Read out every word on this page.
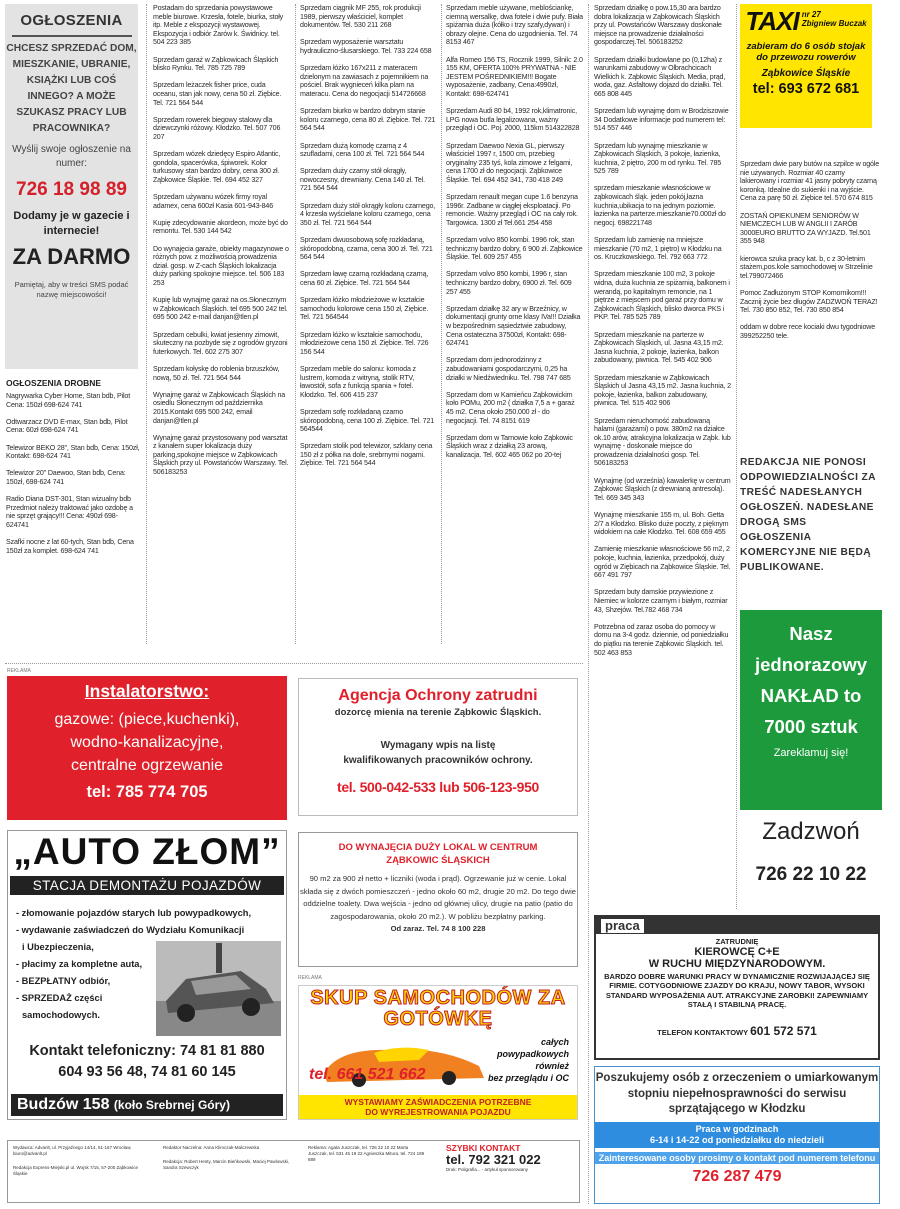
OGŁOSZENIA
CHCESZ SPRZEDAĆ DOM, MIESZKANIE, UBRANIE, KSIĄŻKI LUB COŚ INNEGO? A MOŻE SZUKASZ PRACY LUB PRACOWNIKA?
Wyślij swoje ogłoszenie na numer:
726 18 98 89
Dodamy je w gazecie i internecie!
ZA DARMO
Pamiętaj, aby w treści SMS podać nazwę miejscowości!
OGŁOSZENIA DROBNE

Nagrywarka Cyber Home, Stan bdb, Pilot Cena: 150zł 698-624 741

Odtwarzacz DVD E-max, Stan bdb, Pilot Cena: 60zł 698-624 741

Telewizor BEKO 28", Stan bdb, Cena: 150zł, Kontakt: 698-624 741

Telewizor 20" Daewoo, Stan bdb, Cena: 150zł, 698-624 741

Radio Diana DST-301, Stan wizualny bdb Przedmiot należy traktować jako ozdobę a nie sprzęt grający!!! Cena: 490zł 698-624741

Szafki nocne z lat 60-tych, Stan bdb, Cena 150zł za komplet. 698-624 741

Postadam do sprzedania powystawowe meble biurowe. Krzesła, fotele, biurka, stoły itp. Meble z ekspozycji wystawowej. Ekspozycja i odbiór Żarów k. Świdnicy. tel. 504 223 385

Sprzedam garaż w Ząbkowicach Śląskich blisko Rynku. Tel. 785 725 789

Sprzedam leżaczek fisher price, cuda oceanu, stan jak nowy, cena 50 zł. Ziębice. Tel. 721 564 544

Sprzedam rowerek biegowy stalowy dla dziewczynki różowy. Kłodzko. Tel. 507 706 207

Sprzedam wózek dziedęcy Espiro Atlantic, gondola, spacerówka, śpiworek. Kolor turkusowy stan bardzo dobry, cena 300 zł. Ząbkowice Śląskie. Tel. 694 452 327

Sprzedam używanu wózek firmy royal adamex, cena 600zł Kasia 601-943-846

Kupię zdecydowanie akordeon, może być do remontu. Tel. 530 144 542

Do wynajęcia garaże, obiekty magazynowe o różnych pow. z możliwością prowadzenia dział. gosp. w Z-cach Śląskich lokalizacja duży parking spokojne miejsce. tel. 506 183 253

Kupię lub wynajmę garaż na os.Słonecznym w Ząbkowicach Śląskich. tel 695 500 242 tel. 695 500 242 e-mail danjan@tlen.pl

Sprzedam cebulki, kwiat jesienny zimowit, skuteczny na pozbyde się z ogrodów gryzoni futerkowych. Tel. 602 275 307

Sprzedam kołyskę do roblenia brzuszków, nową, 50 zł. Tel. 721 564 544

Wynajmę garaż w Ząbkowicach Śląskich na osiedlu Słonecznym od października 2015.Kontakt 695 500 242, email danjan@tlen.pl

Wynajmę garaż przystosowany pod warsztat z kanałem super lokalizacja duży parking,spokojne miejsce w Ząbkowicach Śląskich przy ul. Powstańców Warszawy. Tel. 506183253

Sprzedam ciągnik MF 255, rok produkcji 1989, pierwszy właściciel, komplet dokumentów. Tel. 530 211 268

Sprzedam wyposażenie warsztatu hydrauliczno-ślusarskiego. Tel. 733 224 658

Sprzedam łóżko 167x211 z materacem dzielonym na zawiasach z pojemnikiem na pościel. Brak wygnieceń kilka plam na materacu. Cena do negocjacji 514726668

Sprzedam biurko w bardzo dobrym stanie koloru czarnego, cena 80 zł. Ziębice. Tel. 721 564 544

Sprzedam dużą komodę czarną z 4 szufladami, cena 100 zł. Tel. 721 564 544

Sprzedam duży czarny stół okrągły, nowoczesny, drewniany. Cena 140 zł. Tel. 721 564 544

Sprzedam duży stół okrągły koloru czarnego, 4 krzesła wyściełane koloru czarnego, cena 350 zł. Tel. 721 564 544

Sprzedam dwuosobową sofę rozkładaną, skóropodobną, czarna, cena 300 zł. Tel. 721 564 544

Sprzedam ławę czarną rozkładaną czarną, cena 60 zł. Ziębice. Tel. 721 564 544

Sprzedam łóżko młodzieżowe w kształcie samochodu kolorowe cena 150 zł, Ziębice. Tel. 721 564544

Sprzedam łóżko w kształcie samochodu, młodzieżowe cena 150 zł. Ziębice. Tel. 726 156 544

Sprzedam meble do salonu: komoda z lustrem, komoda z witryną, stolik RTV, ławostół, sofa z funkcją spania + fotel. Kłodzko. Tel. 606 415 237

Sprzedam sofę rozkładaną czarno skóropodobną, cena 100 zł. Ziębice. Tel. 721 564544

Sprzedam stolik pod telewizor, szklany cena 150 zł z półka na dole, srebrnymi nogami. Ziębice. Tel. 721 564 544

Sprzedam meble używane, meblościankę, ciemną wersalkę, dwa fotele i dwie pufy. Biała spiżarnia duża (kółko i trzy szafy,dywan) i obrazy olejne. Cena do uzgodnienia. Tel. 74 8153 467

Alfa Romeo 156 TS, Rocznik 1999, Silnik: 2.0 155 KM, OFERTA 100% PRYWATNA - NIE JESTEM POŚREDNIKIEM!!! Bogate wyposażenie, zadbany, Cena:4990zł, Kontakt: 698-624741

Sprzedam Audi 80 b4, 1992 rok,klimatronic, LPG nowa butla legalizowana, ważny przegląd i OC. Poj. 2000, 115km 514322828

Sprzedam Daewoo Nexia GL, pierwszy właściciel 1997 r, 1500 cm, przebieg oryginalny 235 tyś, kola zimowe z felgami, cena 1700 zł do negocjacji. Ząbkowice Śląskie. Tel. 694 452 341, 730 418 249

Sprzedam renault megan cupe 1.6 benzyna 1996r. Zadbane w ciągłej eksploatacji. Po remoncie. Ważny przegląd i OC na cały rok. Targowica. 1300 zł Tel.661 254 458

Sprzedam volvo 850 kombi. 1996 rok, stan techniczny bardzo dobry, 6 900 zł. Ząbkowice Śląskie. Tel. 609 257 455

Sprzedam volvo 850 kombi, 1996 r, stan techniczny bardzo dobry, 6900 zł. Tel. 609 257 455

Sprzedam działkę 32 ary w Brzeźnicy, w dokumentacji grunty orne klasy IVa!!! Działka w bezpośrednim sąsiedztwie zabudowy, Cena ostateczna 37500zł, Kontakt: 698-624741

Sprzedam dom jednorodzinny z zabudowaniami gospodarczymi, 0,25 ha działki w Niedźwiedniku. Tel. 798 747 685

Sprzedam dom w Kamieńcu Ząbkowickim koło POMu, 200 m2 ( działka 7,5 a + garaż 45 m2. Cena około 250.000 zł - do negocjacji. Tel. 74 8151 619

Sprzedam dom w Tarnowie koło Ząbkowic Śląskich wraz z działką 23 arową, kanalizacja. Tel. 602 465 062 po 20-tej

Sprzedam działkę o pow.15,30 ara bardzo dobra lokalizacja w Ząbkowicach Śląskich przy ul. Powstańców Warszawy doskonałe miejsce na prowadzenie działalności gospodarczej.Tel. 506183252

Sprzedam działki budowlane po (0,12ha) z warunkami zabudowy w Olbrachcicach Wielkich k. Ząbkowic Śląskich. Media, prąd, woda, gaz. Asfaltowy dojazd do działki. Tel. 665 808 445

Sprzedam lub wynajmę dom w Brodziszowie 34 Dodatkowe informacje pod numerem tel: 514 557 446

Sprzedam lub wynajmę mieszkanie w Ząbkowicach Śląskich, 3 pokoje, łazienka, kuchnia, 2 piętro, 200 m od rynku. Tel. 785 525 789

sprzedam mieszkanie własnościowe w ząbkowicach śląk. jeden pokój,łazna kuchnia,ubikacja to na jednym poziomie. łazienka na parterze.mieszkanie70.000zł do negocj. 698221748

Sprzedam lub zamienię na mniejsze mieszkanie (70 m2, 1 piętro) w Kłodzku na os. Kruczkowskiego. Tel. 792 663 772

Sprzedam mieszkanie 100 m2, 3 pokoje widna, duża kuchnia ze spiżarnią, balkonem i werandą, po kapitalnym remoncie, na 1 piętrze z miejscem pod garaż przy domu w Ząbkowicach Śląskich, blisko dworca PKS i PKP. Tel. 785 525 789

Sprzedam mieszkanie na parterze w Ząbkowicach Śląskich, ul. Jasna 43,15 m2. Jasna kuchnia, 2 pokoje, łazienka, balkon zabudowany, piwnica. Tel. 545 402 906

Sprzedam mieszkanie w Ząbkowicach Śląskich ul Jasna 43,15 m2. Jasna kuchnia, 2 pokoje, łazienka, balkon zabudowany, piwnica. Tel. 515 402 906

Sprzedam nieruchomość zabudowaną halami (garażami) o pow. 380m2 na działce ok.10 arów, atrakcyjna lokalizacja w Ząbk. lub wynajmę - doskonałe miejsce do prowadzenia działalności gosp. Tel. 506183253

Wynajmę (od września) kawalerkę w centrum Ząbkowic Śląskich (z drewnianą antresolą). Tel. 669 345 343

Wynajmę mieszkanie 155 m, ul. Boh. Getta 2/7 a Kłodzko. Blisko duże poczty, z pięknym widokiem na całe Kłodzko. Tel. 608 659 455

Zamienię mieszkanie własnościowe 56 m2, 2 pokoje, kuchnia, łazienka, przedpokój, duży ogród w Ziębicach na Ząbkowice Śląskie. Tel. 667 491 797

Sprzedam buty damskie przywiezione z Niemiec w kolorze czarnym i białym, rozmiar 43, Shzejów. Tel.782 468 734

Potrzebna od zaraz osoba do pomocy w domu na 3-4 godz. dziennie, od poniedziałku do piątku na terenie Ząbkowic Śląskich. tel. 502 463 853

TAXI nr 27
Zbigniew Buczak
zabieram do 6 osób stojak do przewozu rowerów
Ząbkowice Śląskie
tel: 693 672 681

Sprzedam dwie pary butów na szpilce w ogóle nie używanych. Rozmiar 40 czarny lakierowany i rozmiar 41 jasny pobryty czarną koronką. Idealne do sukienki i na wyjście. Cena za parę 50 zł. Ziębice tel. 570 674 815

ZOSTAŃ OPIEKUNEM SENIORÓW W NIEMCZECH LUB W ANGLII I ZARÓB 3000EURO BRUTTO ZA WYJAZD. Tel.501 355 948

kierowca szuka pracy kat. b, c z 30-letnim stażem,pos.kole samochodowej w Strzelinie tel.799072466

Pomoc Zadłużonym STOP Komornikom!!! Zacznij życie bez długów ZADZWOŃ TERAZ! Tel. 730 850 852, Tel. 730 850 854

oddam w dobre rece kociaki dwu tygodniowe 399252250 tele.

REDAKCJA NIE PONOSI ODPOWIEDZIALNOŚCI ZA TREŚĆ NADESŁANYCH OGŁOSZEŃ. NADESŁANE DROGĄ SMS OGŁOSZENIA KOMERCYJNE NIE BĘDĄ PUBLIKOWANE.
Nasz
jednorazowy
NAKŁAD to
7000 sztuk
Zareklamuj się!
Zadzwoń
726 22 10 22
praca
ZATRUDNIĘ
KIEROWCĘ C+E
W RUCHU MIĘDZYNARODOWYM.
BARDZO DOBRE WARUNKI PRACY W DYNAMICZNIE ROZWIJAJĄCEJ SIĘ FIRMIE. COTYGODNIOWE ZJAZDY DO KRAJU, NOWY TABOR, WYSOKI STANDARD WYPOSAŻENIA AUT. ATRAKCYJNE ZAROBKI! ZAPEWNIAMY STAŁĄ I STABILNĄ PRACĘ.
TELEFON KONTAKTOWY 601 572 571
Poszukujemy osób z orzeczeniem o umiarkowanym stopniu niepełnosprawności do serwisu sprzątającego w Kłodzku
Praca w godzinach
6-14 i 14-22 od poniedziałku do niedzieli
Zainteresowane osoby prosimy o kontakt pod numerem telefonu
726 287 479
REKLAMA
REKLAMA
Instalatorstwo:
gazowe: (piece,kuchenki),
wodno-kanalizacyjne,
centralne ogrzewanie
tel: 785 774 705
Agencja Ochrony zatrudni
dozorcę mienia na terenie Ząbkowic Śląskich.
Wymagany wpis na listę
kwalifikowanych pracowników ochrony.
tel. 500-042-533 lub 506-123-950
„AUTO ZŁOM”
STACJA DEMONTAŻU POJAZDÓW
- złomowanie pojazdów starych lub powypadkowych,
- wydawanie zaświadczeń do Wydziału Komunikacji
i Ubezpieczenia,
- płacimy za kompletne auta,
- BEZPŁATNY odbiór,
- SPRZEDAŻ części
samochodowych.
Kontakt telefoniczny: 74 81 81 880
604 93 56 48, 74 81 60 145
Budzów 158 (koło Srebrnej Góry)
DO WYNAJĘCIA DUŻY LOKAL W CENTRUM
ZĄBKOWIC ŚLĄSKICH
90 m2 za 900 zł netto + liczniki (woda i prąd). Ogrzewanie już w cenie. Lokal składa się z dwóch pomieszczeń - jedno około 60 m2, drugie 20 m2. Do tego dwie oddzielne toalety. Dwa wejścia - jedno od głównej ulicy, drugie na patio (patio do zagospodarowania, około 20 m2.). W pobliżu bezpłatny parking.
Od zaraz. Tel. 74 8 100 228
SKUP SAMOCHODÓW ZA GOTÓWKĘ
tel. 661 521 662
całych
powypadkowych
również
bez przeglądu i OC
WYSTAWIAMY ZAŚWIADCZENIA POTRZEBNE
DO WYREJESTROWANIA POJAZDU
Wydawca: Advanlt, ul. Przyjaźnego 14/14, 51-167 Wrocław, biuro@advanlt.pl
Redakcja Express-Miejski.pl ul. Wojsk 7/15, 57-200 Ząbkowice Śląskie
Redaktor Naczelna: Anna Klimczak-Malczewska
Redakcja: Robert Henty, Marcin Bieńkowski, Maciej Pawlowski, Sandra Szewczyk
Reklama: Agata Juszczak, tel. 726 22 10 22 Marta Juszczak, tel. 531 45 19 22 Agnieszka Mitura, tel. 724 189 889
SZYBKI KONTAKT
tel. 792 321 022
Druk: Poligrafia... - artykuł sponsorowany
